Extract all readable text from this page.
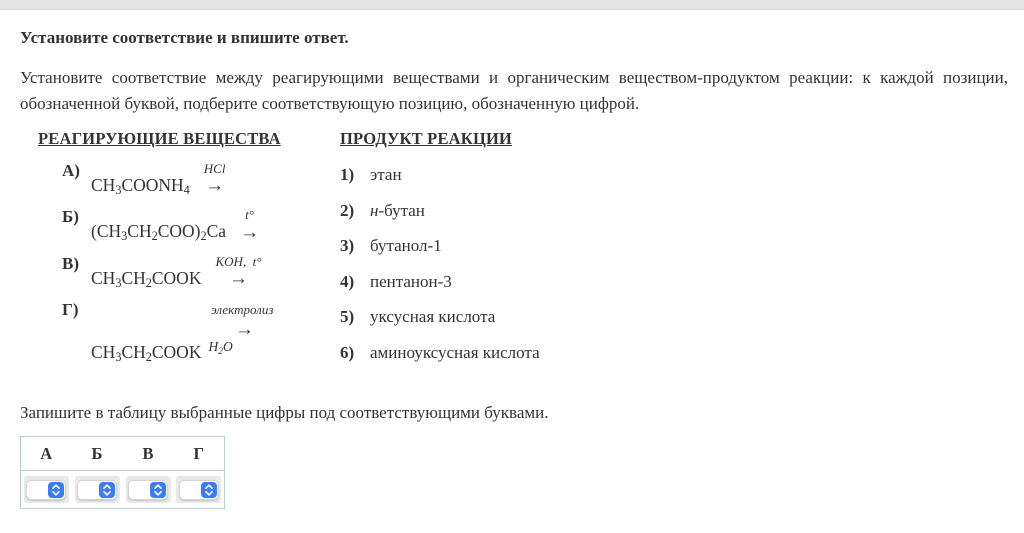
Установите соответствие и впишите ответ.
Установите соответствие между реагирующими веществами и органическим веществом-продуктом реакции: к каждой позиции, обозначенной буквой, подберите соответствующую позицию, обозначенную цифрой.
РЕАГИРУЮЩИЕ ВЕЩЕСТВА
А)
$CH_3COONH_4$
HCl
→
Б)
$(CH_3CH_2COO)_2Ca$
t°
→
В)
$CH_3CH_2COOK$
KOH,  t°
→
Г)	электролиз
→
$CH_3CH_2COOK$ $^{H_2O}$
ПРОДУКТ РЕАКЦИИ
1) этан
2) н-бутан
3) бутанол-1
4) пентанон-3
5) уксусная кислота
6) аминоуксусная кислота
Запишите в таблицу выбранные цифры под соответствующими буквами.
А	Б	В	Г
